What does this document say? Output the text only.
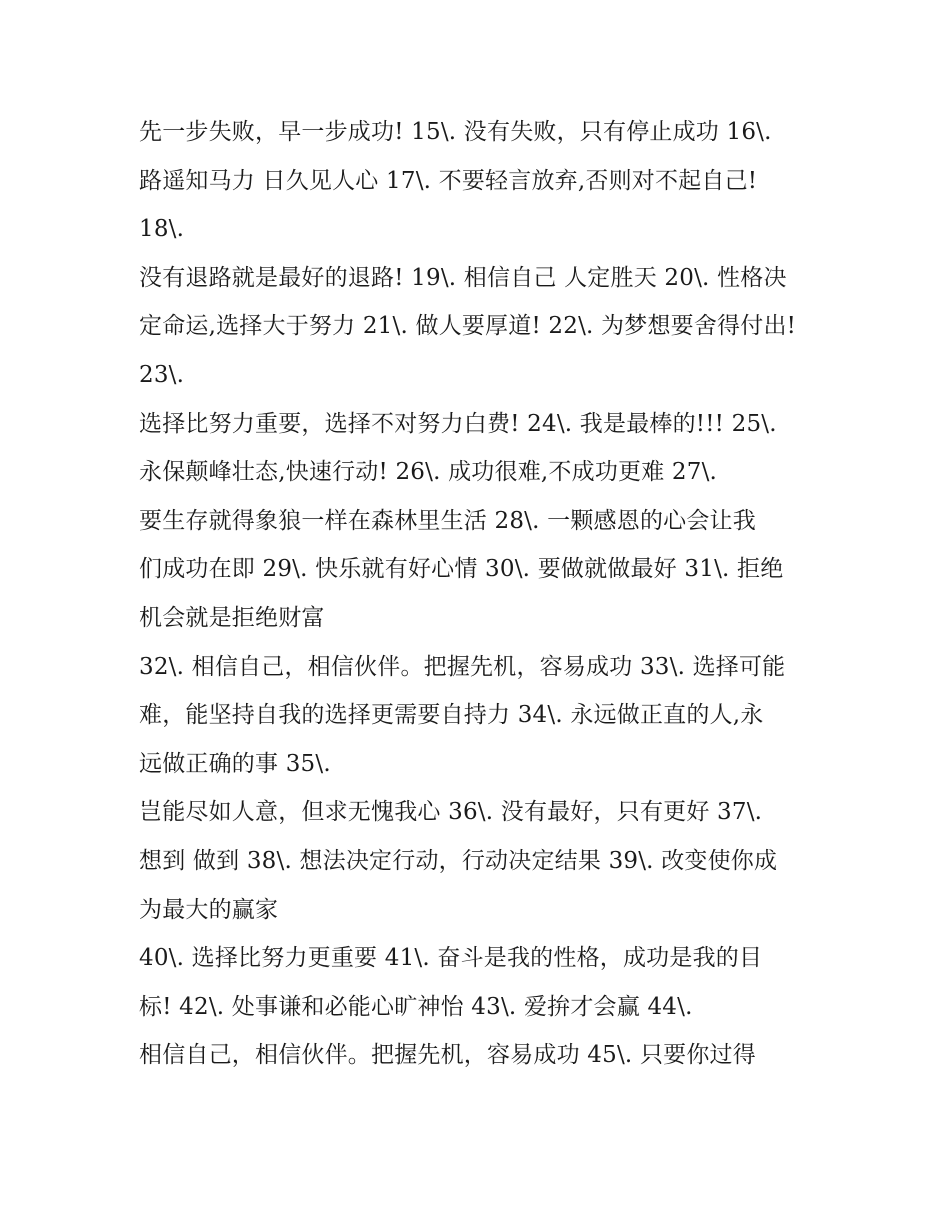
先一步失败，早一步成功! 15\. 没有失败，只有停止成功 16\.
路遥知马力 日久见人心 17\. 不要轻言放弃,否则对不起自己!
18\.
没有退路就是最好的退路! 19\. 相信自己 人定胜天 20\. 性格决
定命运,选择大于努力 21\. 做人要厚道! 22\. 为梦想要舍得付出!
23\.
选择比努力重要，选择不对努力白费! 24\. 我是最棒的!!! 25\.
永保颠峰壮态,快速行动! 26\. 成功很难,不成功更难 27\.
要生存就得象狼一样在森林里生活 28\. 一颗感恩的心会让我
们成功在即 29\. 快乐就有好心情 30\. 要做就做最好 31\. 拒绝
机会就是拒绝财富
32\. 相信自己，相信伙伴。把握先机，容易成功 33\. 选择可能
难，能坚持自我的选择更需要自持力 34\. 永远做正直的人,永
远做正确的事 35\.
岂能尽如人意，但求无愧我心 36\. 没有最好，只有更好 37\.
想到 做到 38\. 想法决定行动，行动决定结果 39\. 改变使你成
为最大的赢家
40\. 选择比努力更重要 41\. 奋斗是我的性格，成功是我的目
标! 42\. 处事谦和必能心旷神怡 43\. 爱拚才会赢 44\.
相信自己，相信伙伴。把握先机，容易成功 45\. 只要你过得
